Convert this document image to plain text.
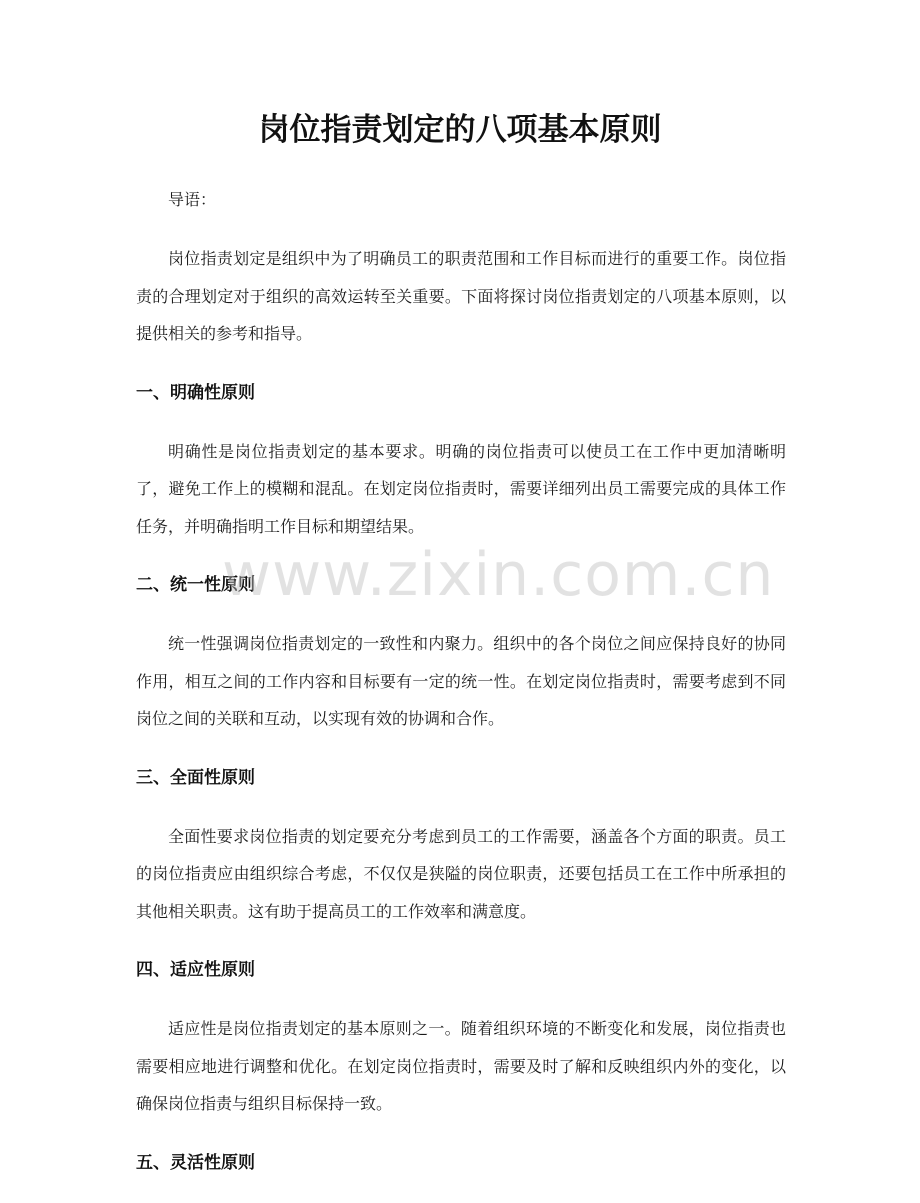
岗位指责划定的八项基本原则

导语：

岗位指责划定是组织中为了明确员工的职责范围和工作目标而进行的重要工作。岗位指责的合理划定对于组织的高效运转至关重要。下面将探讨岗位指责划定的八项基本原则，以提供相关的参考和指导。

一、明确性原则

明确性是岗位指责划定的基本要求。明确的岗位指责可以使员工在工作中更加清晰明了，避免工作上的模糊和混乱。在划定岗位指责时，需要详细列出员工需要完成的具体工作任务，并明确指明工作目标和期望结果。

二、统一性原则

统一性强调岗位指责划定的一致性和内聚力。组织中的各个岗位之间应保持良好的协同作用，相互之间的工作内容和目标要有一定的统一性。在划定岗位指责时，需要考虑到不同岗位之间的关联和互动，以实现有效的协调和合作。

三、全面性原则

全面性要求岗位指责的划定要充分考虑到员工的工作需要，涵盖各个方面的职责。员工的岗位指责应由组织综合考虑，不仅仅是狭隘的岗位职责，还要包括员工在工作中所承担的其他相关职责。这有助于提高员工的工作效率和满意度。

四、适应性原则

适应性是岗位指责划定的基本原则之一。随着组织环境的不断变化和发展，岗位指责也需要相应地进行调整和优化。在划定岗位指责时，需要及时了解和反映组织内外的变化，以确保岗位指责与组织目标保持一致。

五、灵活性原则
www.zixin.com.cn
